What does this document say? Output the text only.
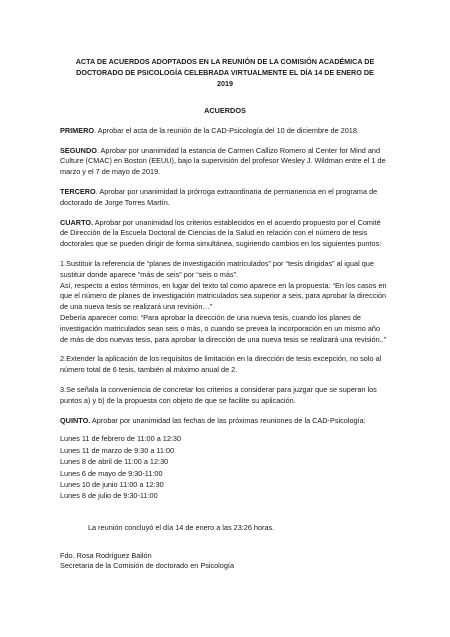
ACTA DE ACUERDOS ADOPTADOS EN LA REUNIÓN DE LA COMISIÓN ACADÉMICA DE DOCTORADO DE PSICOLOGÍA CELEBRADA VIRTUALMENTE EL DÍA 14 DE ENERO DE 2019
ACUERDOS

PRIMERO. Aprobar el acta de la reunión de la CAD-Psicología del 10 de diciembre de 2018.

SEGUNDO. Aprobar por unanimidad la estancia de Carmen Callizo Romero al Center for Mind and Culture (CMAC) en Boston (EEUU), bajo la supervisión del profesor Wesley J. Wildman entre el 1 de marzo y el 7 de mayo de 2019.

TERCERO. Aprobar por unanimidad la prórroga extraordinaria de permanencia en el programa de doctorado de Jorge Torres Martín.

CUARTO. Aprobar por unanimidad los criterios establecidos en el acuerdo propuesto por el Comité de Dirección de la Escuela Doctoral de Ciencias de la Salud en relación con el número de tesis doctorales que se pueden dirigir de forma simultánea, sugiriendo cambios en los siguientes puntos:

1.Sustituir la referencia de “planes de investigación matriculados” por “tesis dirigidas” al igual que sustituir donde aparece “más de seis” por “seis o más”.

Así, respecto a estos términos, en lugar del texto tal como aparece en la propuesta: “En los casos en que el número de planes de investigación matriculados sea superior a seis, para aprobar la dirección de una nueva tesis se realizará una revisión…”

Debería aparecer como: “Para aprobar la dirección de una nueva tesis, cuando los planes de investigación matriculados sean seis o más, o cuando se prevea la incorporación en un mismo año de más de dos nuevas tesis, para aprobar la dirección de una nueva tesis se realizará una revisión..”

2.Extender la aplicación de los requisitos de limitación en la dirección de tesis excepción, no solo al número total de 6 tesis, también al máximo anual de 2.

3.Se señala la conveniencia de concretar los criterios a considerar para juzgar que se superan los puntos a) y b) de la propuesta con objeto de que se facilite su aplicación.

QUINTO. Aprobar por unanimidad las fechas de las próximas reuniones de la CAD-Psicología:

Lunes 11 de febrero de 11:00 a 12:30
Lunes 11 de marzo de 9:30 a 11:00
Lunes 8 de abril de 11:00 a 12:30
Lunes 6 de mayo de 9:30-11:00
Lunes 10 de junio 11:00 a 12:30
Lunes 8 de julio de 9:30-11:00

La reunión concluyó el día 14 de enero a las 23:26 horas.

Fdo. Rosa Rodríguez Bailón
Secretaria de la Comisión de doctorado en Psicología
